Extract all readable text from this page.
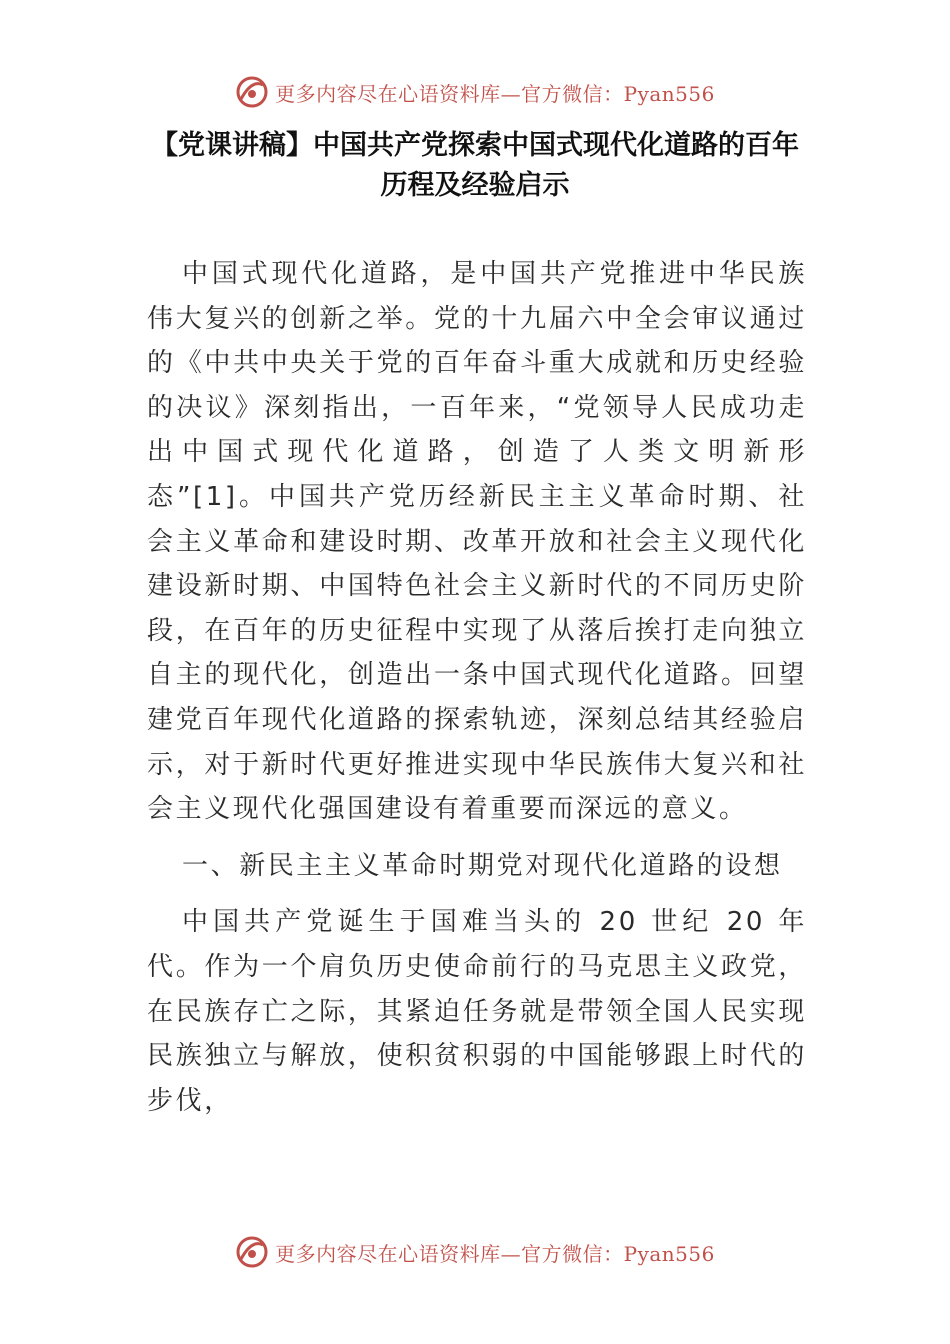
更多内容尽在心语资料库—官方微信：Pyan556
【党课讲稿】中国共产党探索中国式现代化道路的百年
历程及经验启示

中国式现代化道路，是中国共产党推进中华民族伟大复兴的创新之举。党的十九届六中全会审议通过的《中共中央关于党的百年奋斗重大成就和历史经验的决议》深刻指出，一百年来，“党领导人民成功走出中国式现代化道路，创造了人类文明新形态”[1]。中国共产党历经新民主主义革命时期、社会主义革命和建设时期、改革开放和社会主义现代化建设新时期、中国特色社会主义新时代的不同历史阶段，在百年的历史征程中实现了从落后挨打走向独立自主的现代化，创造出一条中国式现代化道路。回望建党百年现代化道路的探索轨迹，深刻总结其经验启示，对于新时代更好推进实现中华民族伟大复兴和社会主义现代化强国建设有着重要而深远的意义。

一、新民主主义革命时期党对现代化道路的设想

中国共产党诞生于国难当头的 20 世纪 20 年代。作为一个肩负历史使命前行的马克思主义政党，在民族存亡之际，其紧迫任务就是带领全国人民实现民族独立与解放，使积贫积弱的中国能够跟上时代的步伐，

更多内容尽在心语资料库—官方微信：Pyan556
